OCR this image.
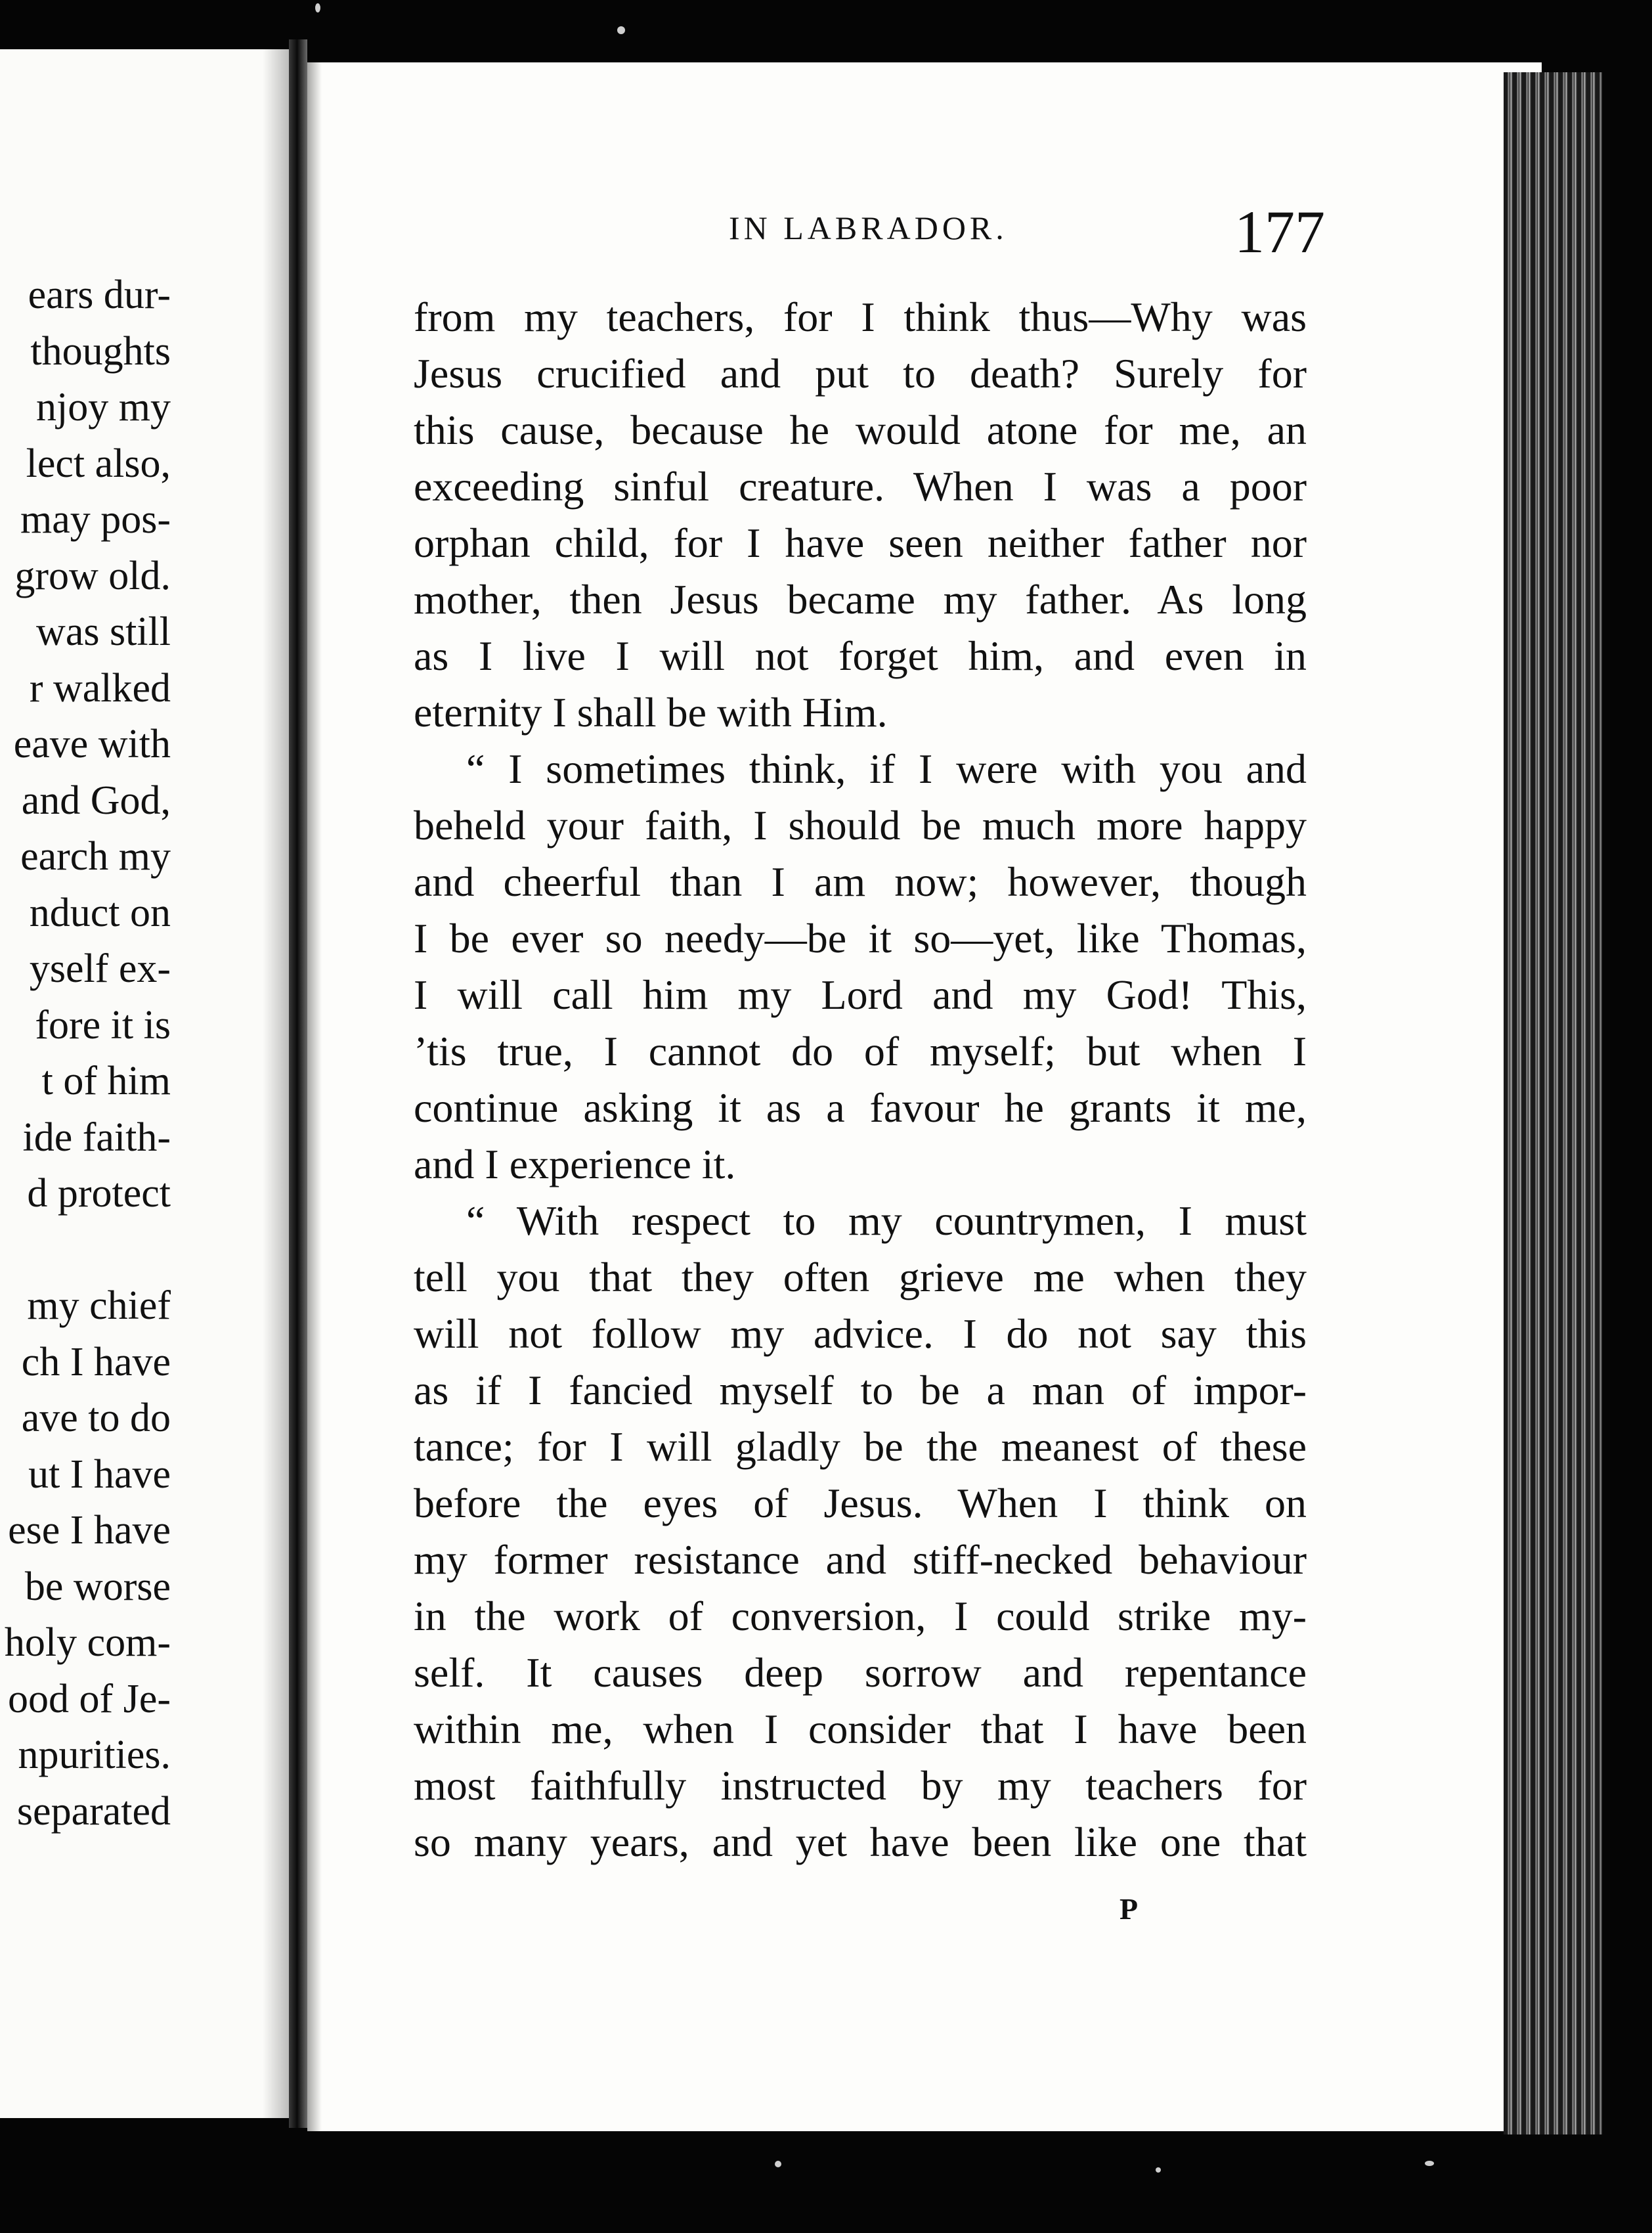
ears dur-
thoughts
njoy my
lect also,
may pos-
grow old.
was still
r walked
eave with
and God,
earch my
nduct on
yself ex-
fore it is
t of him
ide faith-
d protect
my chief
ch I have
ave to do
ut I have
ese I have
be worse
holy com-
ood of Je-
npurities.
separated
IN LABRADOR.	177
from my teachers, for I think thus—Why was
Jesus crucified and put to death? Surely for
this cause, because he would atone for me, an
exceeding sinful creature. When I was a poor
orphan child, for I have seen neither father nor
mother, then Jesus became my father. As long
as I live I will not forget him, and even in
eternity I shall be with Him.
“ I sometimes think, if I were with you and
beheld your faith, I should be much more happy
and cheerful than I am now; however, though
I be ever so needy—be it so—yet, like Thomas,
I will call him my Lord and my God! This,
’tis true, I cannot do of myself; but when I
continue asking it as a favour he grants it me,
and I experience it.
“ With respect to my countrymen, I must
tell you that they often grieve me when they
will not follow my advice. I do not say this
as if I fancied myself to be a man of impor-
tance; for I will gladly be the meanest of these
before the eyes of Jesus. When I think on
my former resistance and stiff-necked behaviour
in the work of conversion, I could strike my-
self. It causes deep sorrow and repentance
within me, when I consider that I have been
most faithfully instructed by my teachers for
so many years, and yet have been like one that
P
